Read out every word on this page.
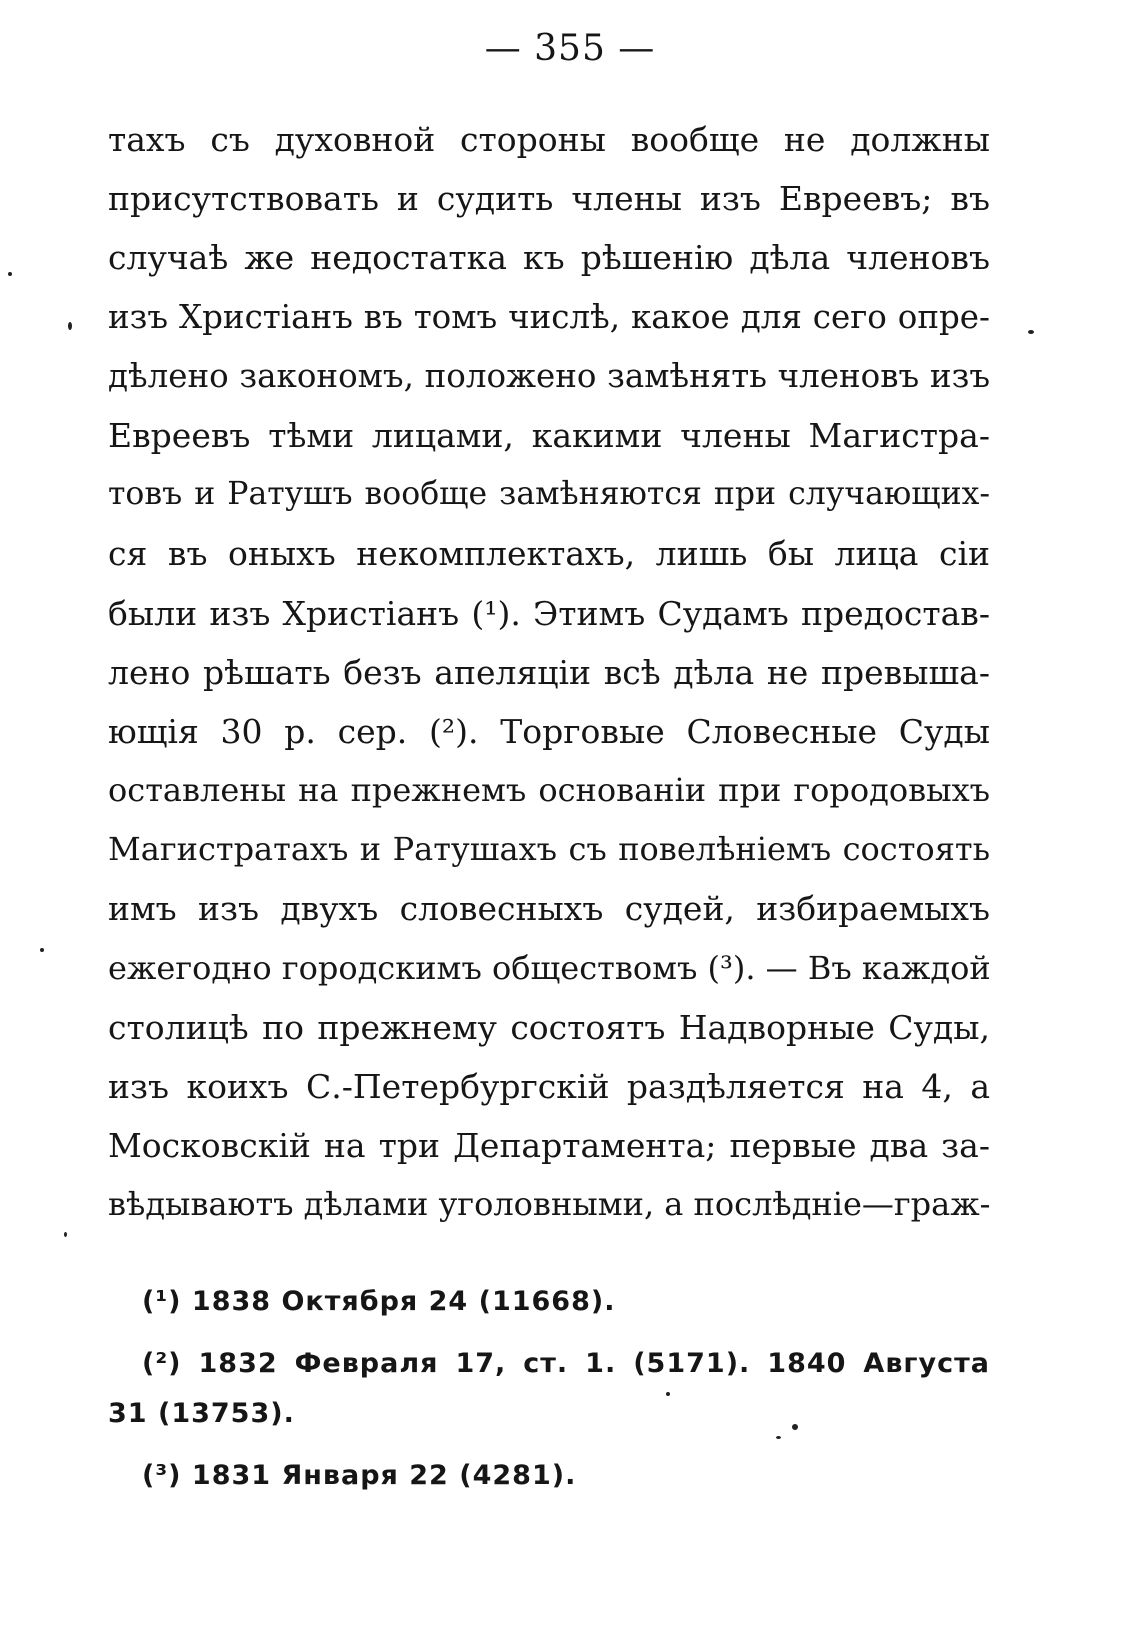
— 355 —
тахъ съ духовной стороны вообще не должны
присутствовать и судить члены изъ Евреевъ; въ
случаѣ же недостатка къ рѣшенію дѣла членовъ
изъ Христіанъ въ томъ числѣ, какое для сего опре-
дѣлено закономъ, положено замѣнять членовъ изъ
Евреевъ тѣми лицами, какими члены Магистра-
товъ и Ратушъ вообще замѣняются при случающих-
ся въ оныхъ некомплектахъ, лишь бы лица сіи
были изъ Христіанъ (¹). Этимъ Судамъ предостав-
лено рѣшать безъ апеляціи всѣ дѣла не превыша-
ющія 30 р. сер. (²). Торговые Словесные Суды
оставлены на прежнемъ основаніи при городовыхъ
Магистратахъ и Ратушахъ съ повелѣніемъ состоять
имъ изъ двухъ словесныхъ судей, избираемыхъ
ежегодно городскимъ обществомъ (³). — Въ каждой
столицѣ по прежнему состоятъ Надворные Суды,
изъ коихъ С.-Петербургскій раздѣляется на 4, а
Московскій на три Департамента; первые два за-
вѣдываютъ дѣлами уголовными, а послѣдніе—граж-
(¹) 1838 Октября 24 (11668).
(²) 1832 Февраля 17, ст. 1. (5171). 1840 Августа
31 (13753).
(³) 1831 Января 22 (4281).
